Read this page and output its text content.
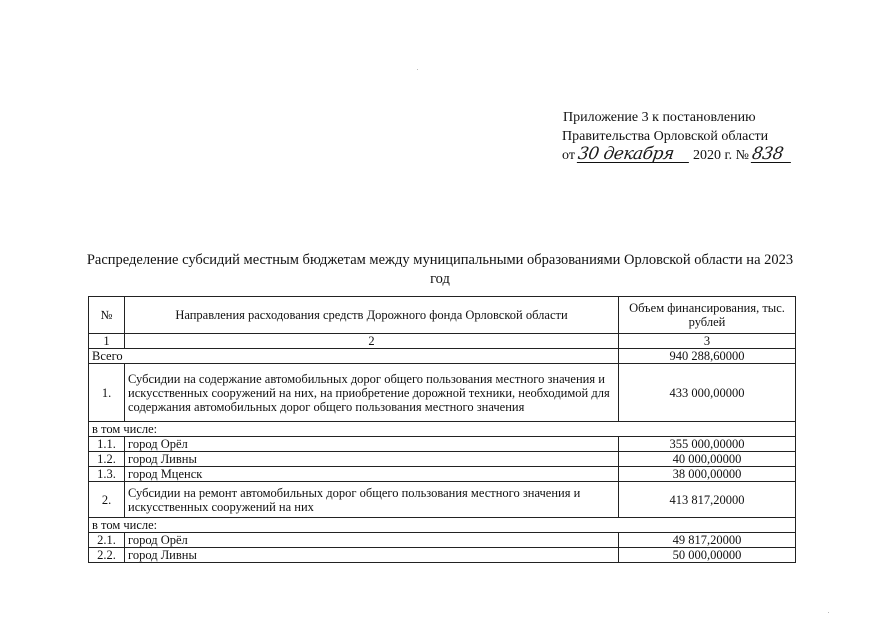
Приложение 3 к постановлению
Правительства Орловской области
от 30 декабря	2020 г. № 838
Распределение субсидий местным бюджетам между муниципальными образованиями Орловской области на 2023 год
№	Направления расходования средств Дорожного фонда Орловской области	Объем финансирования, тыс. рублей
1	2	3
Всего		940 288,60000
1.	Субсидии на содержание автомобильных дорог общего пользования местного значения и искусственных сооружений на них, на приобретение дорожной техники, необходимой для содержания автомобильных дорог общего пользования местного значения	433 000,00000
в том числе:		
1.1.	город Орёл	355 000,00000
1.2.	город Ливны	40 000,00000
1.3.	город Мценск	38 000,00000
2.	Субсидии на ремонт автомобильных дорог общего пользования местного значения и искусственных сооружений на них	413 817,20000
в том числе:		
2.1.	город Орёл	49 817,20000
2.2.	город Ливны	50 000,00000
